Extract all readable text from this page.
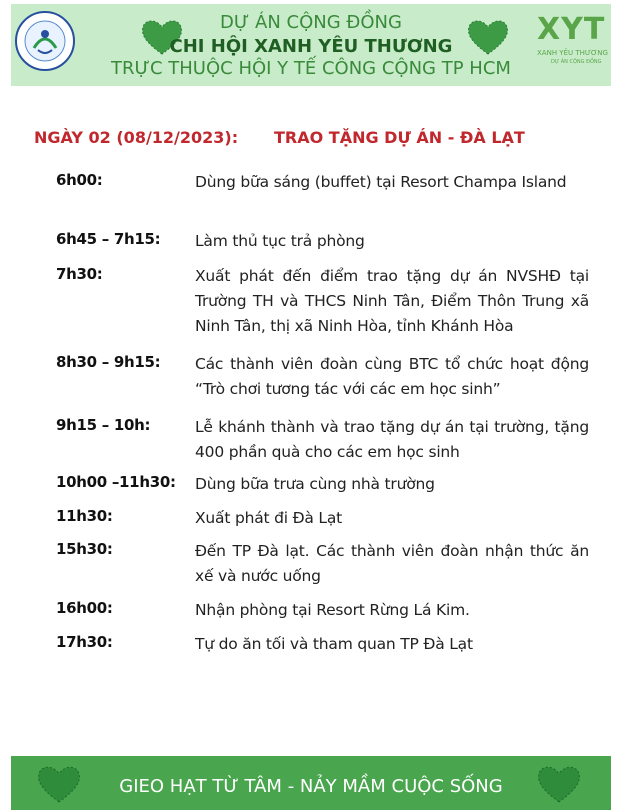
DỰ ÁN CỘNG ĐỒNG
CHI HỘI XANH YÊU THƯƠNG
TRỰC THUỘC HỘI Y TẾ CÔNG CỘNG TP HCM
XYT
XANH YÊU THƯƠNG
DỰ ÁN CỘNG ĐỒNG
NGÀY 02 (08/12/2023): TRAO TẶNG DỰ ÁN - ĐÀ LẠT
6h00:	Dùng bữa sáng (buffet) tại Resort Champa Island
6h45 – 7h15: Làm thủ tục trả phòng
7h30:	Xuất phát đến điểm trao tặng dự án NVSHĐ tại Trường TH và THCS Ninh Tân, Điểm Thôn Trung xã Ninh Tân, thị xã Ninh Hòa, tỉnh Khánh Hòa
8h30 – 9h15: Các thành viên đoàn cùng BTC tổ chức hoạt động “Trò chơi tương tác với các em học sinh”
9h15 – 10h:	Lễ khánh thành và trao tặng dự án tại trường, tặng 400 phần quà cho các em học sinh
10h00 –11h30: Dùng bữa trưa cùng nhà trường
11h30:	Xuất phát đi Đà Lạt
15h30:	Đến TP Đà lạt. Các thành viên đoàn nhận thức ăn xế và nước uống
16h00:	Nhận phòng tại Resort Rừng Lá Kim.
17h30:	Tự do ăn tối và tham quan TP Đà Lạt
GIEO HẠT TỪ TÂM - NẢY MẦM CUỘC SỐNG
